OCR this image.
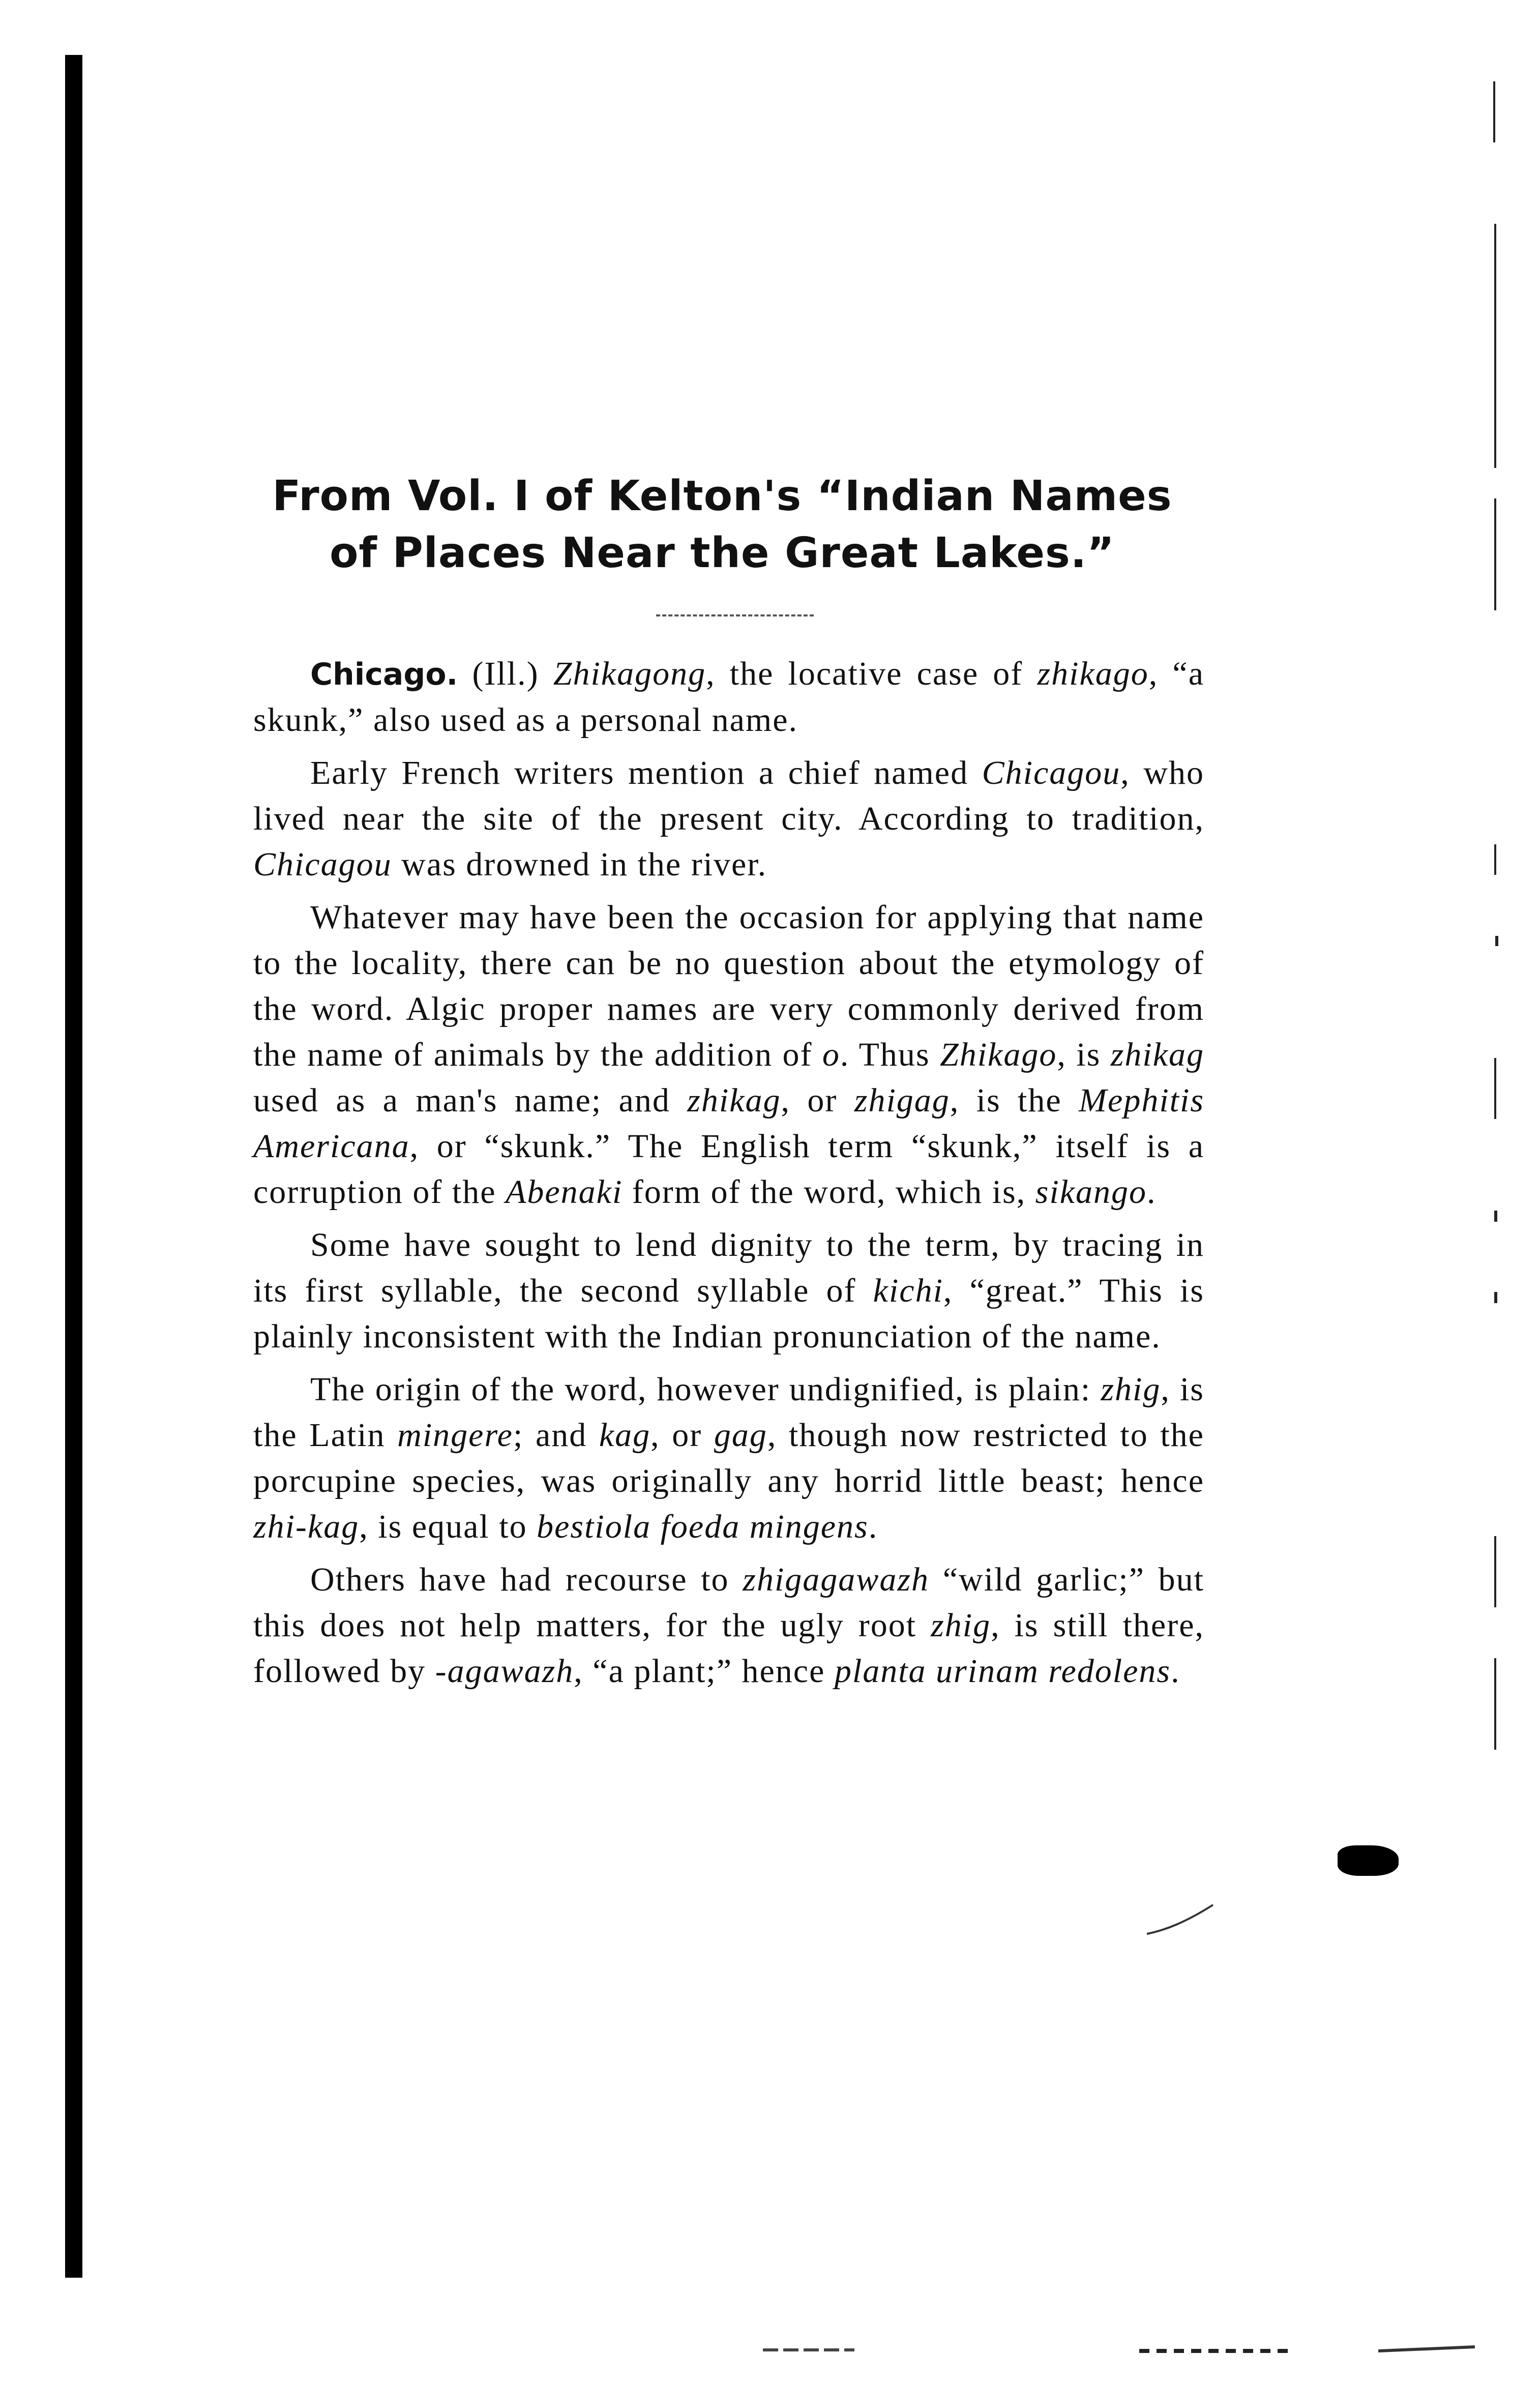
From Vol. I of Kelton's “Indian Names
of Places Near the Great Lakes.”

Chicago. (Ill.) Zhikagong, the locative case of zhikago, “a skunk,” also used as a personal name.

Early French writers mention a chief named Chicagou, who lived near the site of the present city. According to tradition, Chicagou was drowned in the river.

Whatever may have been the occasion for applying that name to the locality, there can be no question about the etymology of the word. Algic proper names are very commonly derived from the name of animals by the addition of o. Thus Zhikago, is zhikag used as a man's name; and zhikag, or zhigag, is the Mephitis Americana, or “skunk.” The English term “skunk,” itself is a corruption of the Abenaki form of the word, which is, sikango.

Some have sought to lend dignity to the term, by tracing in its first syllable, the second syllable of kichi, “great.” This is plainly inconsistent with the Indian pronunciation of the name.

The origin of the word, however undignified, is plain: zhig, is the Latin mingere; and kag, or gag, though now restricted to the porcupine species, was originally any horrid little beast; hence zhi-kag, is equal to bestiola foeda mingens.

Others have had recourse to zhigagawazh “wild garlic;” but this does not help matters, for the ugly root zhig, is still there, followed by -agawazh, “a plant;” hence planta urinam redolens.
